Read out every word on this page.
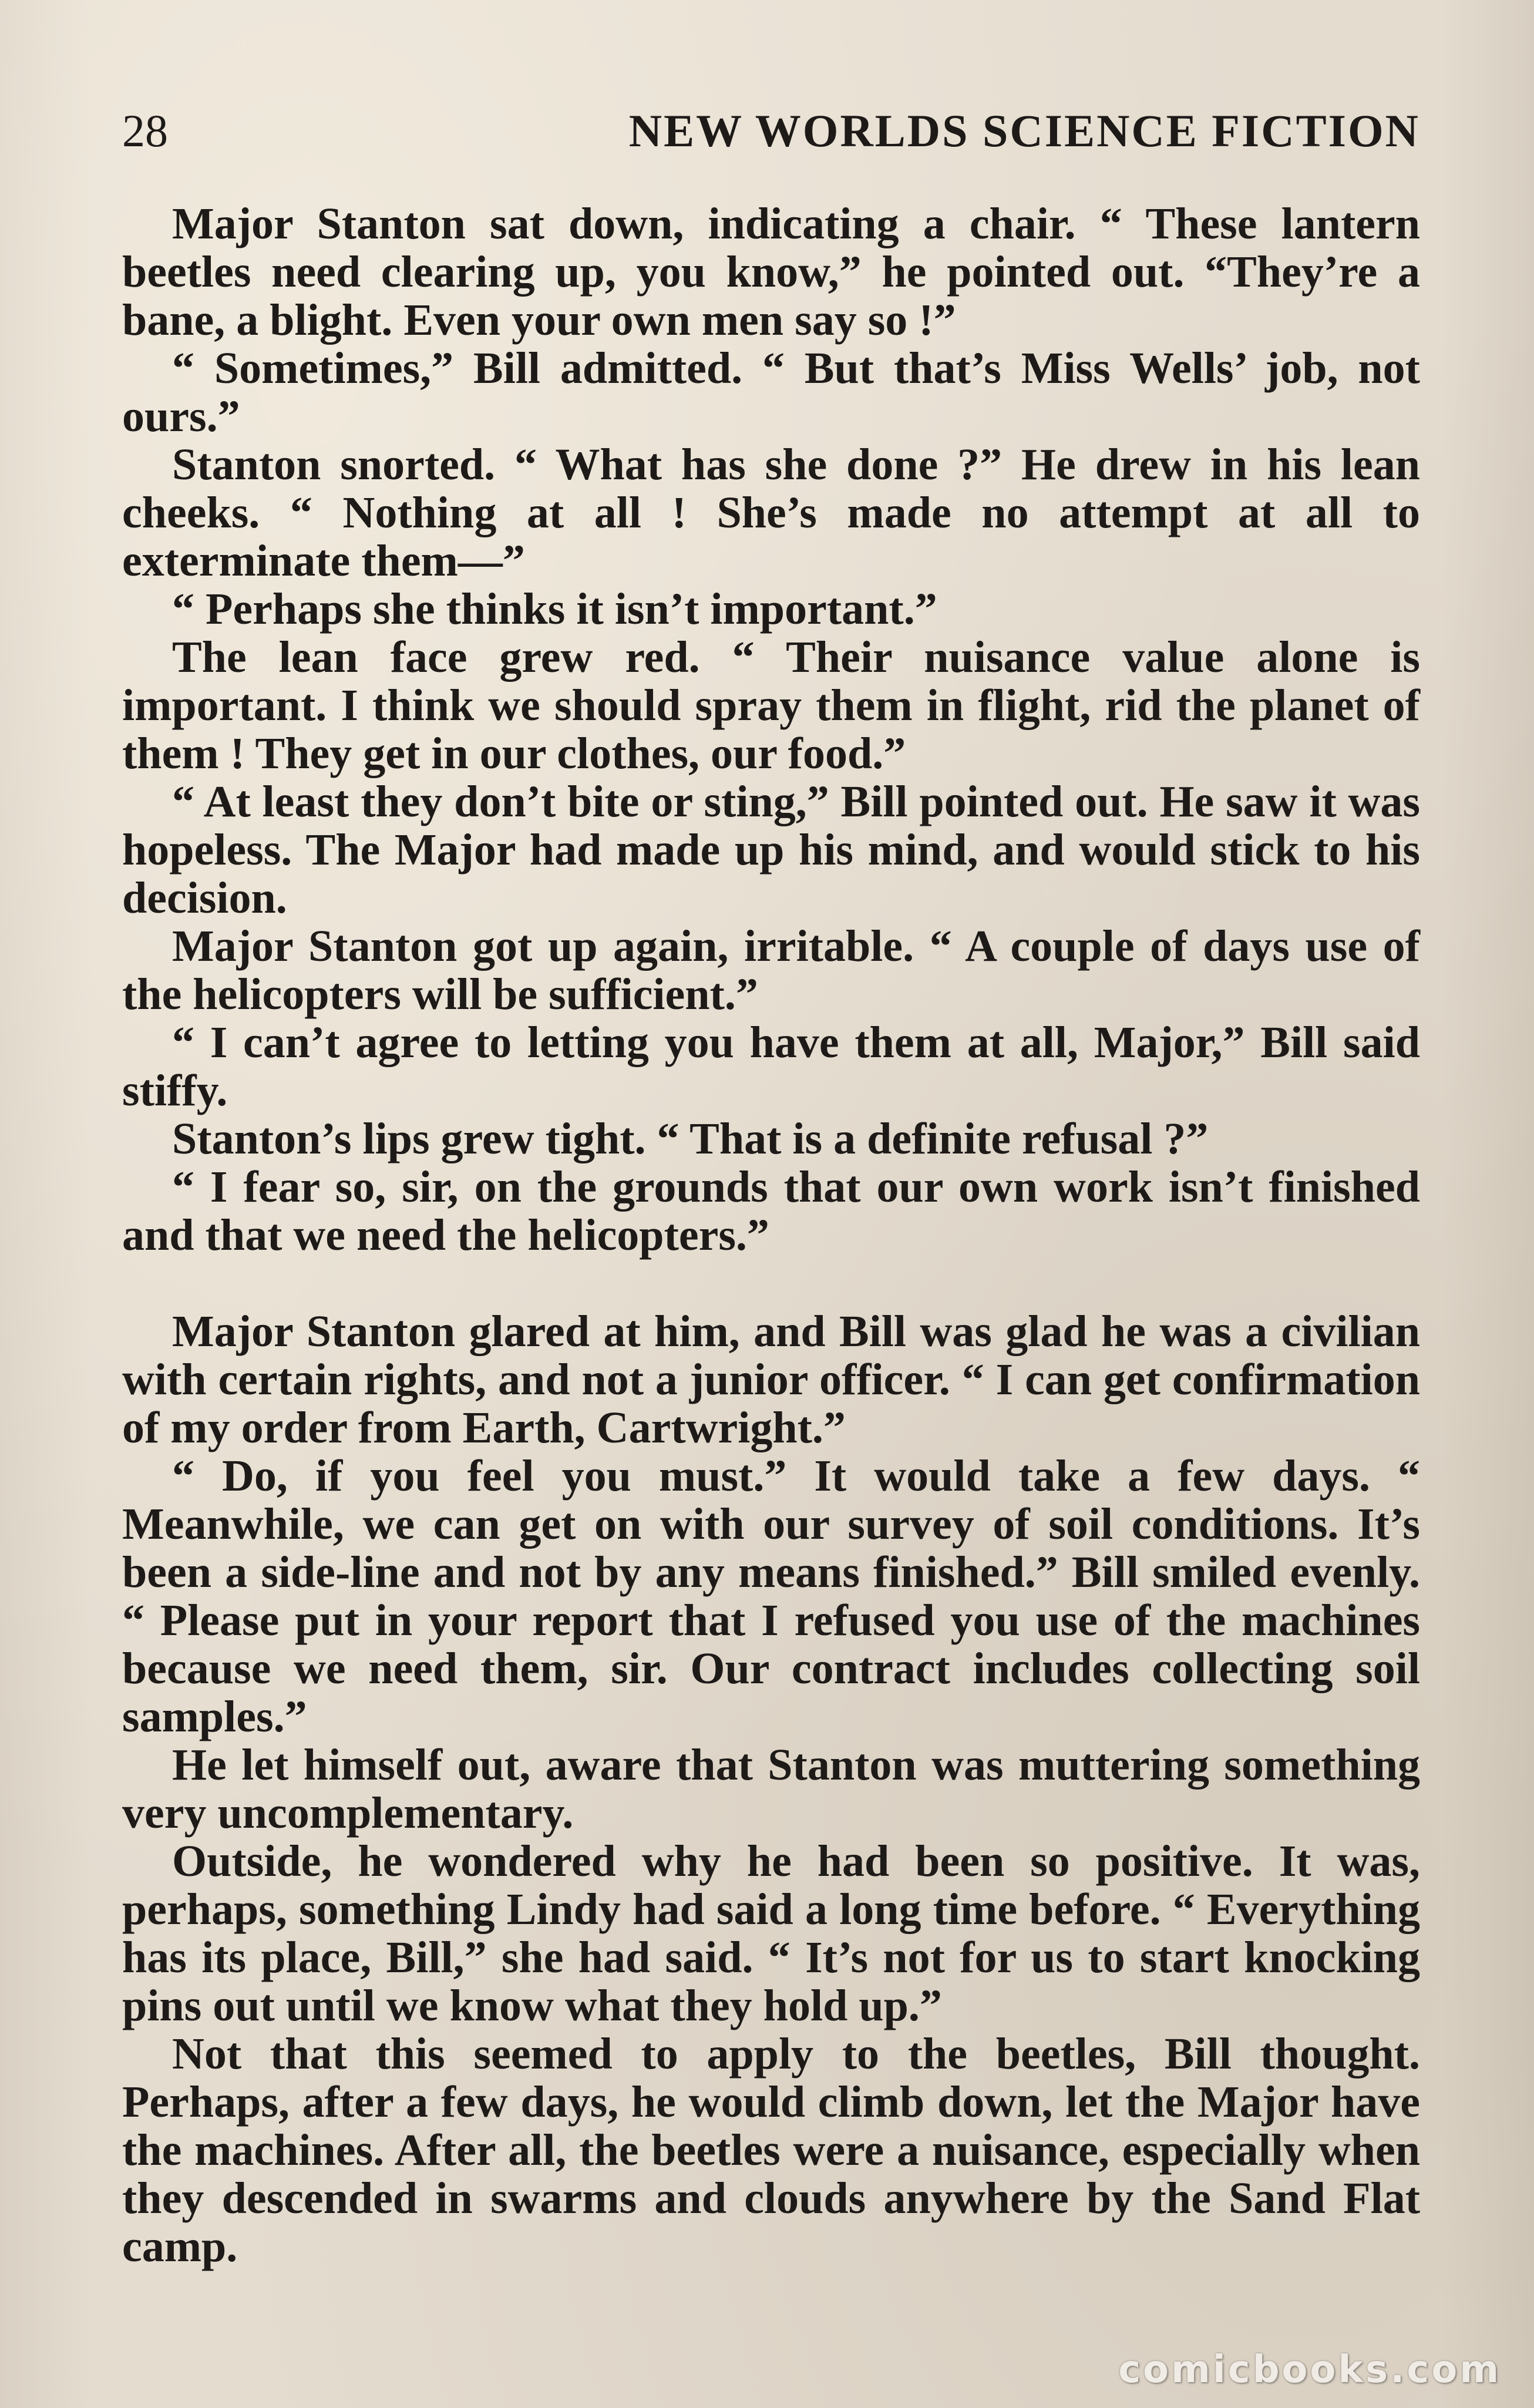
28	NEW WORLDS SCIENCE FICTION

Major Stanton sat down, indicating a chair. “ These lantern beetles need clearing up, you know,” he pointed out. “They’re a bane, a blight. Even your own men say so !”

“ Sometimes,” Bill admitted. “ But that’s Miss Wells’ job, not ours.”

Stanton snorted. “ What has she done ?” He drew in his lean cheeks. “ Nothing at all ! She’s made no attempt at all to exterminate them—”

“ Perhaps she thinks it isn’t important.”

The lean face grew red. “ Their nuisance value alone is important. I think we should spray them in flight, rid the planet of them ! They get in our clothes, our food.”

“ At least they don’t bite or sting,” Bill pointed out. He saw it was hopeless. The Major had made up his mind, and would stick to his decision.

Major Stanton got up again, irritable. “ A couple of days use of the helicopters will be sufficient.”

“ I can’t agree to letting you have them at all, Major,” Bill said stiffy.

Stanton’s lips grew tight. “ That is a definite refusal ?”

“ I fear so, sir, on the grounds that our own work isn’t finished and that we need the helicopters.”

Major Stanton glared at him, and Bill was glad he was a civilian with certain rights, and not a junior officer. “ I can get confirmation of my order from Earth, Cartwright.”

“ Do, if you feel you must.” It would take a few days. “ Meanwhile, we can get on with our survey of soil conditions. It’s been a side-line and not by any means finished.” Bill smiled evenly. “ Please put in your report that I refused you use of the machines because we need them, sir. Our contract includes collecting soil samples.”

He let himself out, aware that Stanton was muttering something very uncomplementary.

Outside, he wondered why he had been so positive. It was, perhaps, something Lindy had said a long time before. “ Everything has its place, Bill,” she had said. “ It’s not for us to start knocking pins out until we know what they hold up.”

Not that this seemed to apply to the beetles, Bill thought. Perhaps, after a few days, he would climb down, let the Major have the machines. After all, the beetles were a nuisance, especially when they descended in swarms and clouds anywhere by the Sand Flat camp.

comicbooks.com
